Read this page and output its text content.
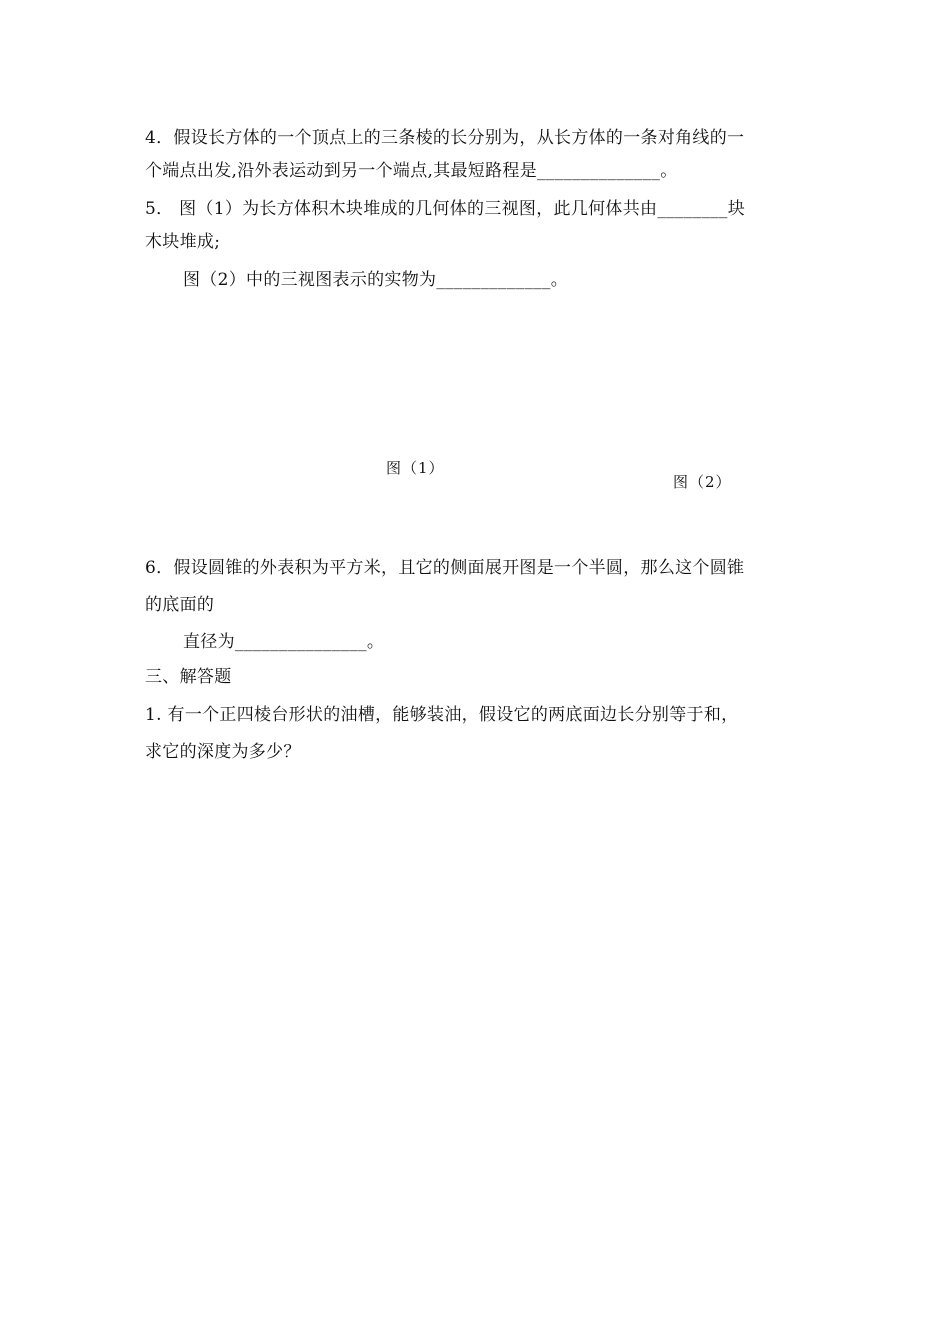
4．假设长方体的一个顶点上的三条棱的长分别为，从长方体的一条对角线的一
个端点出发,沿外表运动到另一个端点,其最短路程是______________。
5． 图（1）为长方体积木块堆成的几何体的三视图，此几何体共由________块
木块堆成;
图（2）中的三视图表示的实物为_____________。
图（1）
图（2）
6．假设圆锥的外表积为平方米，且它的侧面展开图是一个半圆，那么这个圆锥
的底面的
直径为_______________。
三、解答题
1. 有一个正四棱台形状的油槽，能够装油，假设它的两底面边长分别等于和，
求它的深度为多少？
